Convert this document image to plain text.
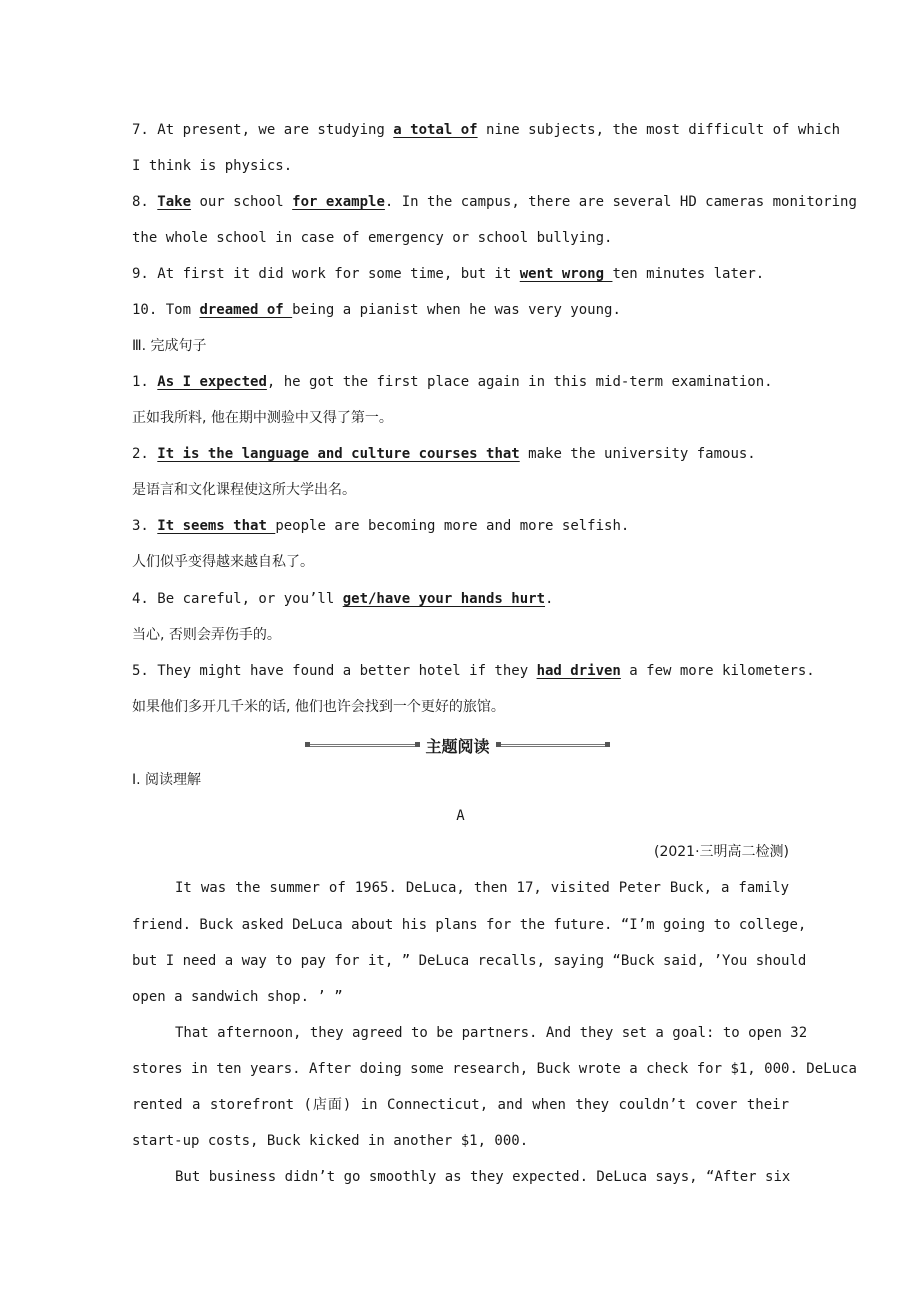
7. At present, we are studying a total of nine subjects, the most difficult of which
I think is physics.
8. Take our school for example. In the campus, there are several HD cameras monitoring
the whole school in case of emergency or school bullying.
9. At first it did work for some time, but it went wrong ten minutes later.
10. Tom dreamed of being a pianist when he was very young.
Ⅲ. 完成句子
1. As I expected, he got the first place again in this mid-term examination.
正如我所料, 他在期中测验中又得了第一。
2. It is the language and culture courses that make the university famous.
是语言和文化课程使这所大学出名。
3. It seems that people are becoming more and more selfish.
人们似乎变得越来越自私了。
4. Be careful, or you’ll get/have your hands hurt.
当心, 否则会弄伤手的。
5. They might have found a better hotel if they had driven a few more kilometers.
如果他们多开几千米的话, 他们也许会找到一个更好的旅馆。
主题阅读
Ⅰ. 阅读理解
A
(2021·三明高二检测)
It was the summer of 1965. DeLuca, then 17, visited Peter Buck, a family
friend. Buck asked DeLuca about his plans for the future. “I’m going to college,
but I need a way to pay for it, ” DeLuca recalls, saying “Buck said, ’You should
open a sandwich shop. ’ ”
That afternoon, they agreed to be partners. And they set a goal: to open 32
stores in ten years. After doing some research, Buck wrote a check for $1, 000. DeLuca
rented a storefront (店面) in Connecticut, and when they couldn’t cover their
start-up costs, Buck kicked in another $1, 000.
But business didn’t go smoothly as they expected. DeLuca says, “After six
